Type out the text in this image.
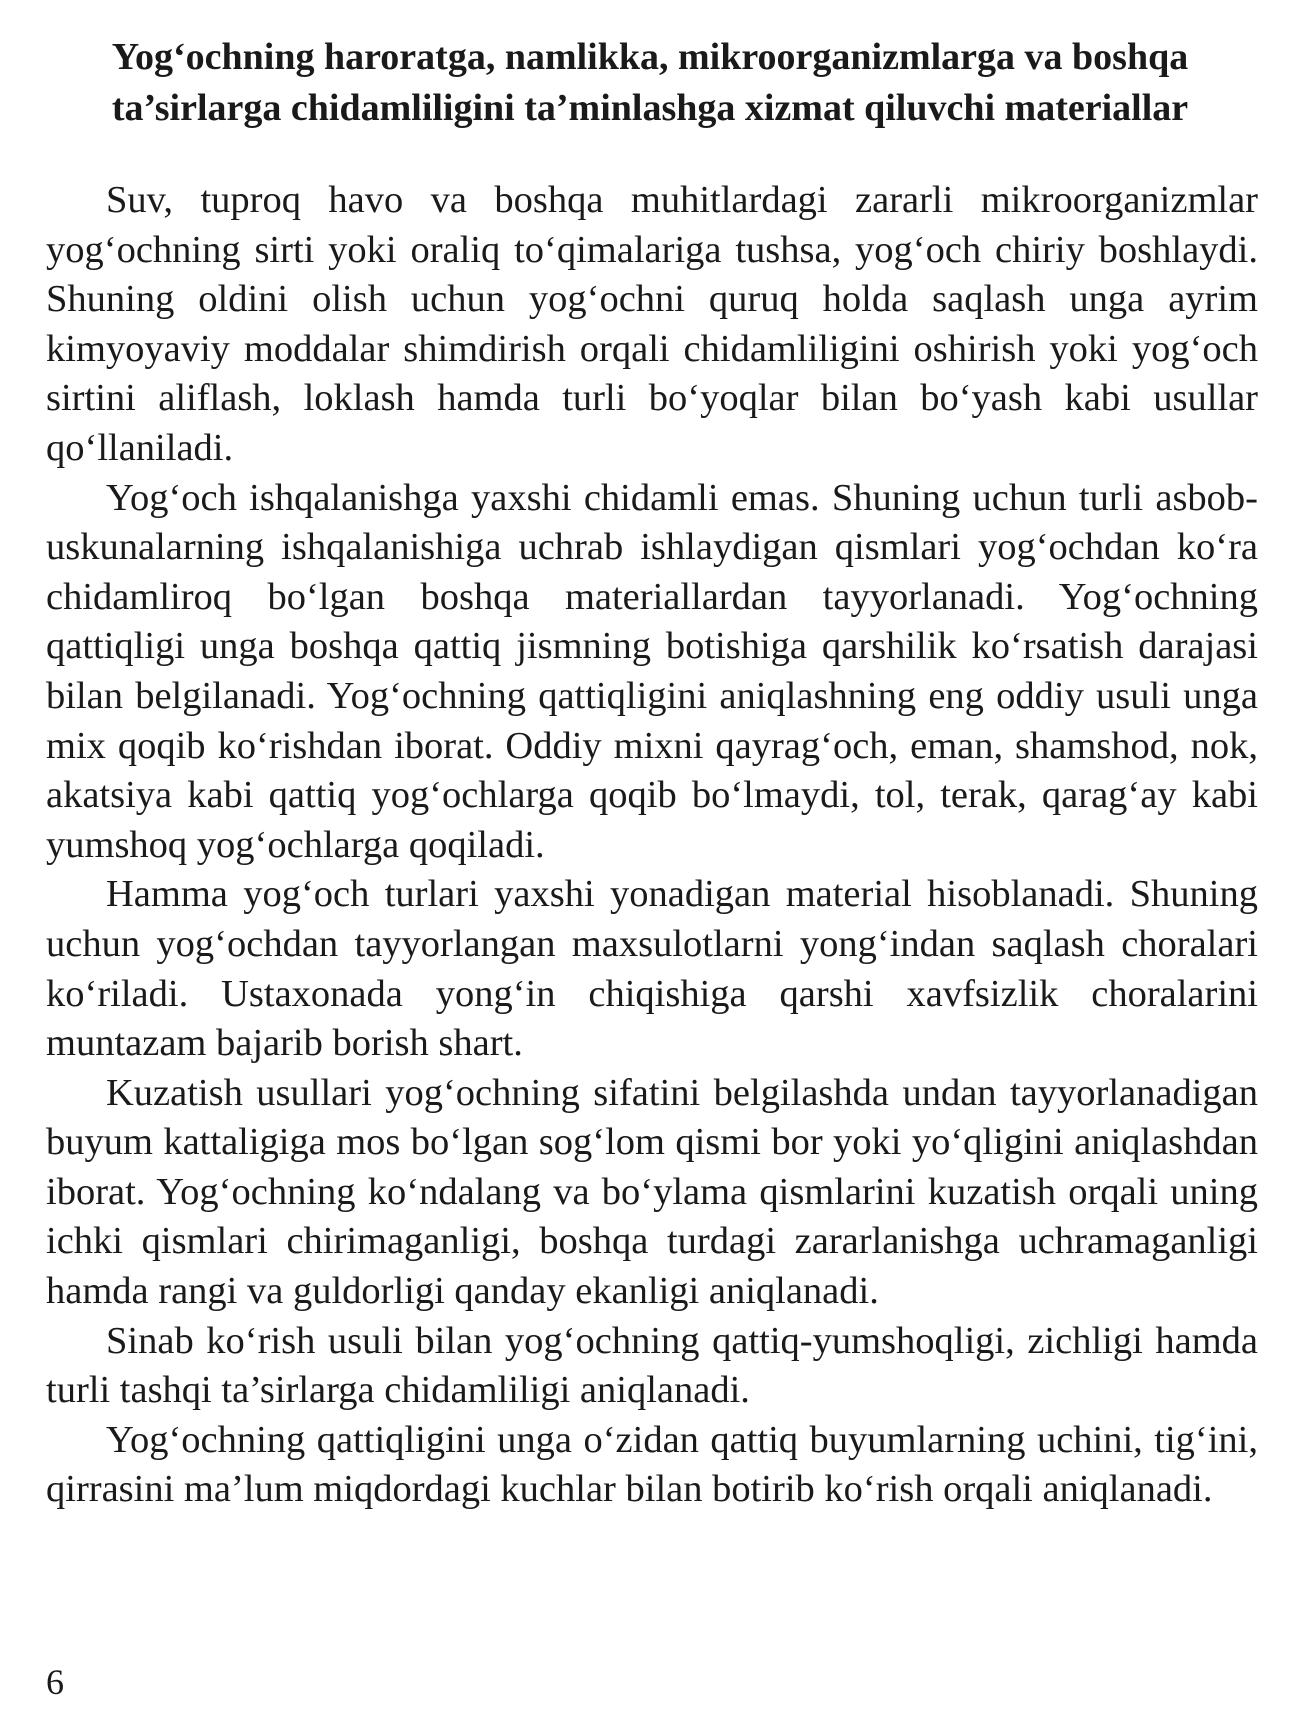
Yog‘ochning haroratga, namlikka, mikroorganizmlarga va boshqa ta’sirlarga chidamliligini ta’minlashga xizmat qiluvchi materiallar

Suv, tuproq havo va boshqa muhitlardagi zararli mikroorganizmlar yog‘ochning sirti yoki oraliq to‘qimalariga tushsa, yog‘och chiriy boshlaydi. Shuning oldini olish uchun yog‘ochni quruq holda saqlash unga ayrim kimyoyaviy moddalar shimdirish orqali chidamliligini oshirish yoki yog‘och sirtini aliflash, loklash hamda turli bo‘yoqlar bilan bo‘yash kabi usullar qo‘llaniladi.

Yog‘och ishqalanishga yaxshi chidamli emas. Shuning uchun turli asbob-uskunalarning ishqalanishiga uchrab ishlaydigan qismlari yog‘ochdan ko‘ra chidamliroq bo‘lgan boshqa materiallardan tayyorlanadi. Yog‘ochning qattiqligi unga boshqa qattiq jismning botishiga qarshilik ko‘rsatish darajasi bilan belgilanadi. Yog‘ochning qattiqligini aniqlashning eng oddiy usuli unga mix qoqib ko‘rishdan iborat. Oddiy mixni qayrag‘och, eman, shamshod, nok, akatsiya kabi qattiq yog‘ochlarga qoqib bo‘lmaydi, tol, terak, qarag‘ay kabi yumshoq yog‘ochlarga qoqiladi.

Hamma yog‘och turlari yaxshi yonadigan material hisoblanadi. Shuning uchun yog‘ochdan tayyorlangan maxsulotlarni yong‘indan saqlash choralari ko‘riladi. Ustaxonada yong‘in chiqishiga qarshi xavfsizlik choralarini muntazam bajarib borish shart.

Kuzatish usullari yog‘ochning sifatini belgilashda undan tayyorlanadigan buyum kattaligiga mos bo‘lgan sog‘lom qismi bor yoki yo‘qligini aniqlashdan iborat. Yog‘ochning ko‘ndalang va bo‘ylama qismlarini kuzatish orqali uning ichki qismlari chirimaganligi, boshqa turdagi zararlanishga uchramaganligi hamda rangi va guldorligi qanday ekanligi aniqlanadi.

Sinab ko‘rish usuli bilan yog‘ochning qattiq-yumshoqligi, zichligi hamda turli tashqi ta’sirlarga chidamliligi aniqlanadi.

Yog‘ochning qattiqligini unga o‘zidan qattiq buyumlarning uchini, tig‘ini, qirrasini ma’lum miqdordagi kuchlar bilan botirib ko‘rish orqali aniqlanadi.

6
